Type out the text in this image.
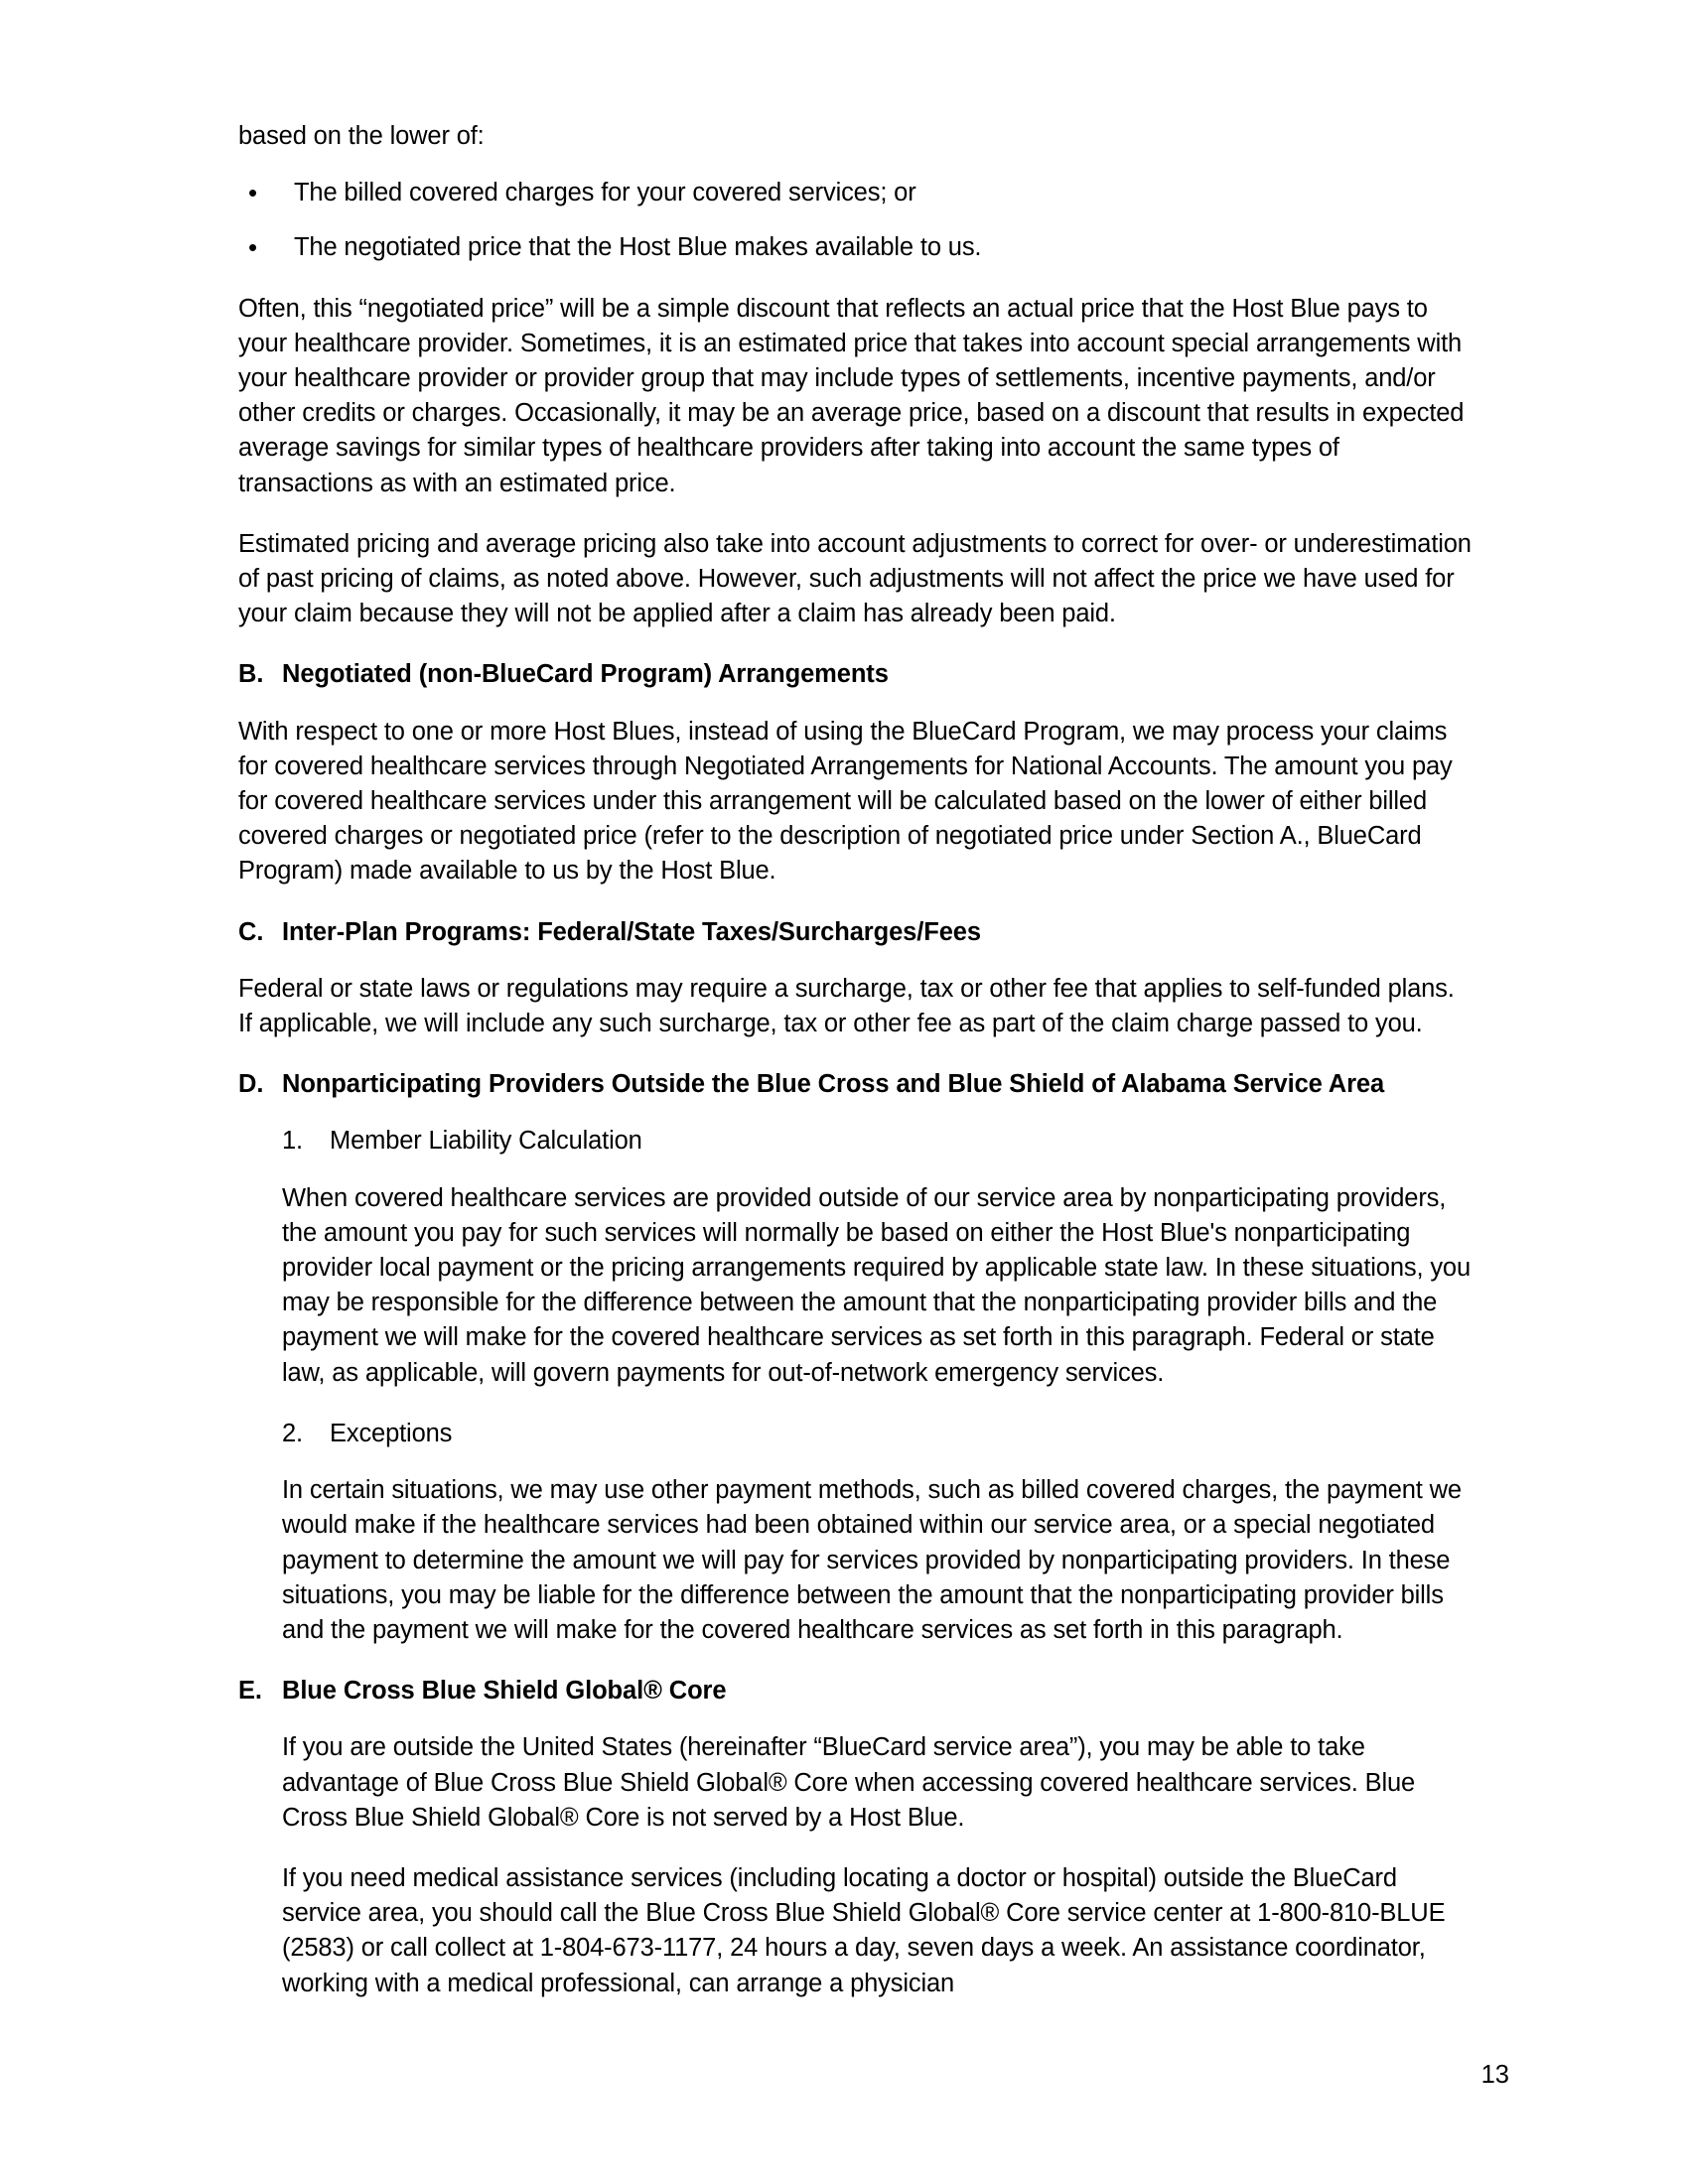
based on the lower of:

• The billed covered charges for your covered services; or
• The negotiated price that the Host Blue makes available to us.

Often, this “negotiated price” will be a simple discount that reflects an actual price that the Host Blue pays to your healthcare provider. Sometimes, it is an estimated price that takes into account special arrangements with your healthcare provider or provider group that may include types of settlements, incentive payments, and/or other credits or charges. Occasionally, it may be an average price, based on a discount that results in expected average savings for similar types of healthcare providers after taking into account the same types of transactions as with an estimated price.

Estimated pricing and average pricing also take into account adjustments to correct for over- or underestimation of past pricing of claims, as noted above. However, such adjustments will not affect the price we have used for your claim because they will not be applied after a claim has already been paid.

B. Negotiated (non-BlueCard Program) Arrangements

With respect to one or more Host Blues, instead of using the BlueCard Program, we may process your claims for covered healthcare services through Negotiated Arrangements for National Accounts. The amount you pay for covered healthcare services under this arrangement will be calculated based on the lower of either billed covered charges or negotiated price (refer to the description of negotiated price under Section A., BlueCard Program) made available to us by the Host Blue.

C. Inter-Plan Programs: Federal/State Taxes/Surcharges/Fees

Federal or state laws or regulations may require a surcharge, tax or other fee that applies to self-funded plans. If applicable, we will include any such surcharge, tax or other fee as part of the claim charge passed to you.

D. Nonparticipating Providers Outside the Blue Cross and Blue Shield of Alabama Service Area
1.	Member Liability Calculation

When covered healthcare services are provided outside of our service area by nonparticipating providers, the amount you pay for such services will normally be based on either the Host Blue's nonparticipating provider local payment or the pricing arrangements required by applicable state law. In these situations, you may be responsible for the difference between the amount that the nonparticipating provider bills and the payment we will make for the covered healthcare services as set forth in this paragraph. Federal or state law, as applicable, will govern payments for out-of-network emergency services.

2.	Exceptions

In certain situations, we may use other payment methods, such as billed covered charges, the payment we would make if the healthcare services had been obtained within our service area, or a special negotiated payment to determine the amount we will pay for services provided by nonparticipating providers. In these situations, you may be liable for the difference between the amount that the nonparticipating provider bills and the payment we will make for the covered healthcare services as set forth in this paragraph.

E. Blue Cross Blue Shield Global® Core

If you are outside the United States (hereinafter “BlueCard service area”), you may be able to take advantage of Blue Cross Blue Shield Global® Core when accessing covered healthcare services. Blue Cross Blue Shield Global® Core is not served by a Host Blue.

If you need medical assistance services (including locating a doctor or hospital) outside the BlueCard service area, you should call the Blue Cross Blue Shield Global® Core service center at 1-800-810-BLUE (2583) or call collect at 1-804-673-1177, 24 hours a day, seven days a week. An assistance coordinator, working with a medical professional, can arrange a physician

13
